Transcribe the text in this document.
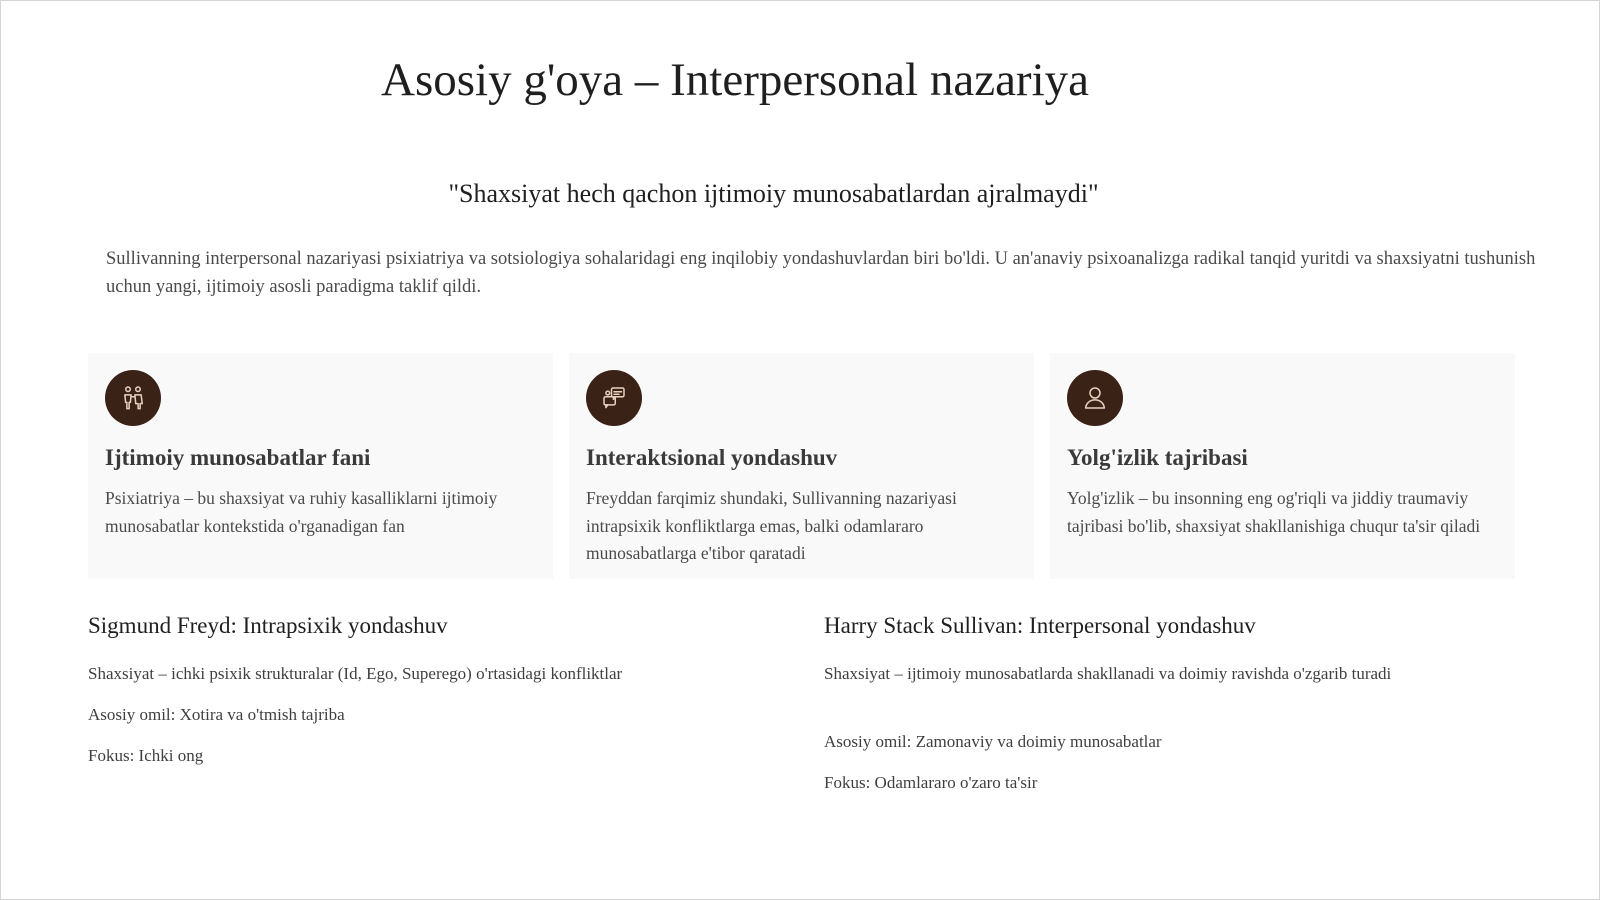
Asosiy g'oya – Interpersonal nazariya

"Shaxsiyat hech qachon ijtimoiy munosabatlardan ajralmaydi"

Sullivanning interpersonal nazariyasi psixiatriya va sotsiologiya sohalaridagi eng inqilobiy yondashuvlardan biri bo'ldi. U an'anaviy psixoanalizga radikal tanqid yuritdi va shaxsiyatni tushunish uchun yangi, ijtimoiy asosli paradigma taklif qildi.

Ijtimoiy munosabatlar fani

Psixiatriya – bu shaxsiyat va ruhiy kasalliklarni ijtimoiy munosabatlar kontekstida o'rganadigan fan

Interaktsional yondashuv

Freyddan farqimiz shundaki, Sullivanning nazariyasi intrapsixik konfliktlarga emas, balki odamlararo munosabatlarga e'tibor qaratadi

Yolg'izlik tajribasi

Yolg'izlik – bu insonning eng og'riqli va jiddiy traumaviy tajribasi bo'lib, shaxsiyat shakllanishiga chuqur ta'sir qiladi

Sigmund Freyd: Intrapsixik yondashuv

Shaxsiyat – ichki psixik strukturalar (Id, Ego, Superego) o'rtasidagi konfliktlar

Asosiy omil: Xotira va o'tmish tajriba

Fokus: Ichki ong

Harry Stack Sullivan: Interpersonal yondashuv

Shaxsiyat – ijtimoiy munosabatlarda shakllanadi va doimiy ravishda o'zgarib turadi

Asosiy omil: Zamonaviy va doimiy munosabatlar

Fokus: Odamlararo o'zaro ta'sir
